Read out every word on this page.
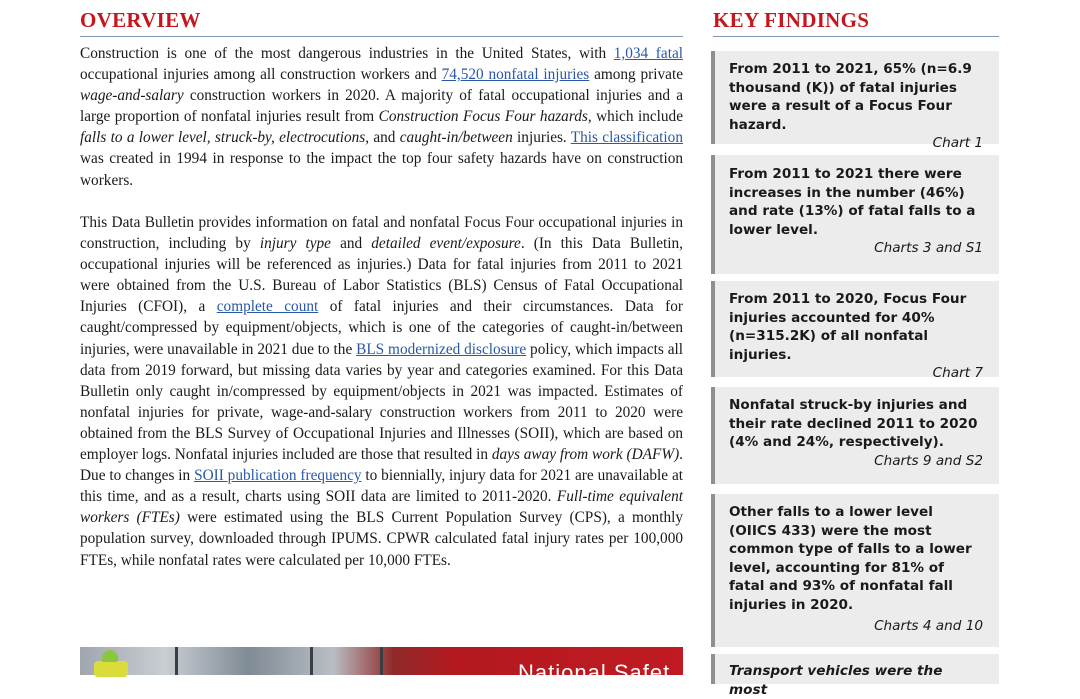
OVERVIEW

Construction is one of the most dangerous industries in the United States, with 1,034 fatal occupational injuries among all construction workers and 74,520 nonfatal injuries among private wage-and-salary construction workers in 2020. A majority of fatal occupational injuries and a large proportion of nonfatal injuries result from Construction Focus Four hazards, which include falls to a lower level, struck-by, electrocutions, and caught-in/between injuries. This classification was created in 1994 in response to the impact the top four safety hazards have on construction workers.

This Data Bulletin provides information on fatal and nonfatal Focus Four occupational injuries in construction, including by injury type and detailed event/exposure. (In this Data Bulletin, occupational injuries will be referenced as injuries.) Data for fatal injuries from 2011 to 2021 were obtained from the U.S. Bureau of Labor Statistics (BLS) Census of Fatal Occupational Injuries (CFOI), a complete count of fatal injuries and their circumstances. Data for caught/compressed by equipment/objects, which is one of the categories of caught-in/between injuries, were unavailable in 2021 due to the BLS modernized disclosure policy, which impacts all data from 2019 forward, but missing data varies by year and categories examined. For this Data Bulletin only caught in/compressed by equipment/objects in 2021 was impacted. Estimates of nonfatal injuries for private, wage-and-salary construction workers from 2011 to 2020 were obtained from the BLS Survey of Occupational Injuries and Illnesses (SOII), which are based on employer logs. Nonfatal injuries included are those that resulted in days away from work (DAFW). Due to changes in SOII publication frequency to biennially, injury data for 2021 are unavailable at this time, and as a result, charts using SOII data are limited to 2011-2020. Full-time equivalent workers (FTEs) were estimated using the BLS Current Population Survey (CPS), a monthly population survey, downloaded through IPUMS. CPWR calculated fatal injury rates per 100,000 FTEs, while nonfatal rates were calculated per 10,000 FTEs.

National Safet
KEY FINDINGS
From 2011 to 2021, 65% (n=6.9 thousand (K)) of fatal injuries were a result of a Focus Four hazard.
Chart 1
From 2011 to 2021 there were increases in the number (46%) and rate (13%) of fatal falls to a lower level.
Charts 3 and S1
From 2011 to 2020, Focus Four injuries accounted for 40% (n=315.2K) of all nonfatal injuries.
Chart 7
Nonfatal struck-by injuries and their rate declined 2011 to 2020 (4% and 24%, respectively).
Charts 9 and S2
Other falls to a lower level (OIICS 433) were the most common type of falls to a lower level, accounting for 81% of fatal and 93% of nonfatal fall injuries in 2020.
Charts 4 and 10
Transport vehicles were the most
